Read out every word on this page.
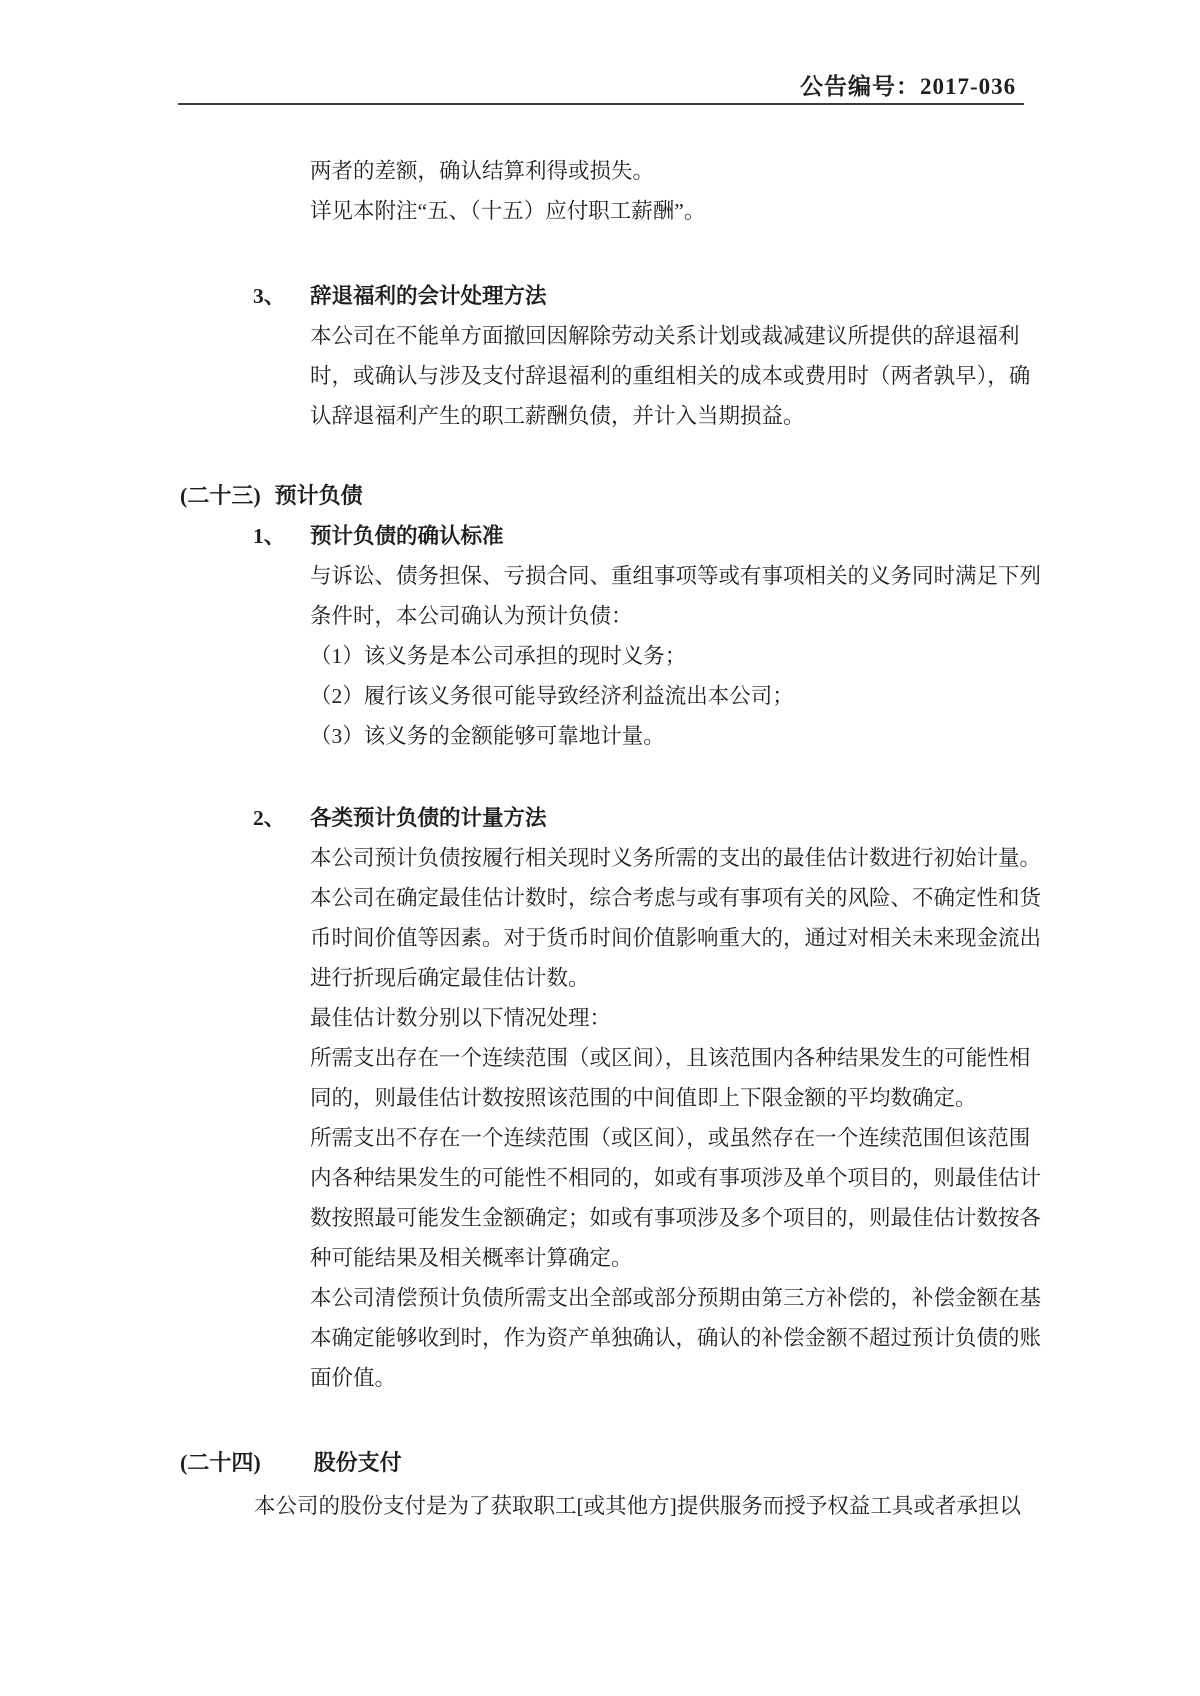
公告编号：2017-036
两者的差额，确认结算利得或损失。
详见本附注“五、（十五）应付职工薪酬”。
3、	辞退福利的会计处理方法
本公司在不能单方面撤回因解除劳动关系计划或裁减建议所提供的辞退福利
时，或确认与涉及支付辞退福利的重组相关的成本或费用时（两者孰早），确
认辞退福利产生的职工薪酬负债，并计入当期损益。
(二十三) 预计负债
1、	预计负债的确认标准
与诉讼、债务担保、亏损合同、重组事项等或有事项相关的义务同时满足下列
条件时，本公司确认为预计负债：
（1）该义务是本公司承担的现时义务；
（2）履行该义务很可能导致经济利益流出本公司；
（3）该义务的金额能够可靠地计量。
2、	各类预计负债的计量方法
本公司预计负债按履行相关现时义务所需的支出的最佳估计数进行初始计量。
本公司在确定最佳估计数时，综合考虑与或有事项有关的风险、不确定性和货
币时间价值等因素。对于货币时间价值影响重大的，通过对相关未来现金流出
进行折现后确定最佳估计数。
最佳估计数分别以下情况处理：
所需支出存在一个连续范围（或区间），且该范围内各种结果发生的可能性相
同的，则最佳估计数按照该范围的中间值即上下限金额的平均数确定。
所需支出不存在一个连续范围（或区间），或虽然存在一个连续范围但该范围
内各种结果发生的可能性不相同的，如或有事项涉及单个项目的，则最佳估计
数按照最可能发生金额确定；如或有事项涉及多个项目的，则最佳估计数按各
种可能结果及相关概率计算确定。
本公司清偿预计负债所需支出全部或部分预期由第三方补偿的，补偿金额在基
本确定能够收到时，作为资产单独确认，确认的补偿金额不超过预计负债的账
面价值。
(二十四) 股份支付
本公司的股份支付是为了获取职工[或其他方]提供服务而授予权益工具或者承担以
